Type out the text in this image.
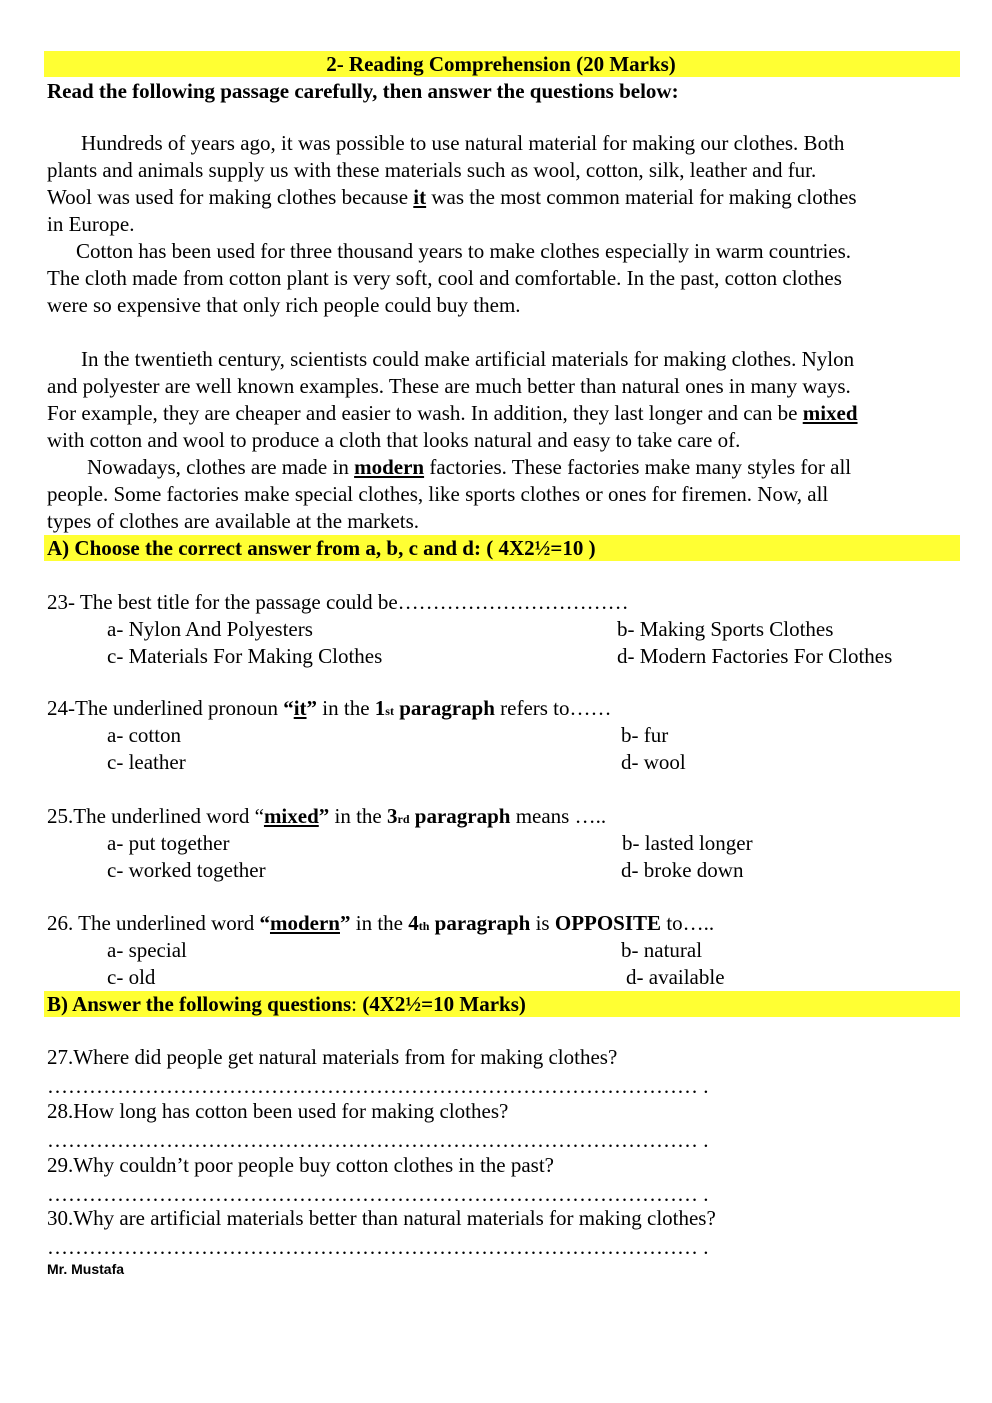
2- Reading Comprehension (20 Marks)
Read the following passage carefully, then answer the questions below:
Hundreds of years ago, it was possible to use natural material for making our clothes. Both
plants and animals supply us with these materials such as wool, cotton, silk, leather and fur.
Wool was used for making clothes because it was the most common material for making clothes
in Europe.
Cotton has been used for three thousand years to make clothes especially in warm countries.
The cloth made from cotton plant is very soft, cool and comfortable. In the past, cotton clothes
were so expensive that only rich people could buy them.
In the twentieth century, scientists could make artificial materials for making clothes. Nylon
and polyester are well known examples. These are much better than natural ones in many ways.
For example, they are cheaper and easier to wash. In addition, they last longer and can be mixed
with cotton and wool to produce a cloth that looks natural and easy to take care of.
Nowadays, clothes are made in modern factories. These factories make many styles for all
people. Some factories make special clothes, like sports clothes or ones for firemen. Now, all
types of clothes are available at the markets.
A) Choose the correct answer from a, b, c and d: ( 4X2½=10 )
23- The best title for the passage could be……………………………
a- Nylon And Polyesters	b- Making Sports Clothes
c- Materials For Making Clothes	d- Modern Factories For Clothes
24-The underlined pronoun “it” in the 1st paragraph refers to……
a- cotton	b- fur
c- leather	d- wool
25.The underlined word “mixed” in the 3rd paragraph means …..
a- put together	b- lasted longer
c- worked together	d- broke down
26. The underlined word “modern” in the 4th paragraph is OPPOSITE to…..
a- special	b- natural
c- old	d- available
B) Answer the following questions: (4X2½=10 Marks)
27.Where did people get natural materials from for making clothes?
………………………………………………………………………………… .
28.How long has cotton been used for making clothes?
………………………………………………………………………………… .
29.Why couldn’t poor people buy cotton clothes in the past?
………………………………………………………………………………… .
30.Why are artificial materials better than natural materials for making clothes?
………………………………………………………………………………… .
Mr. Mustafa
